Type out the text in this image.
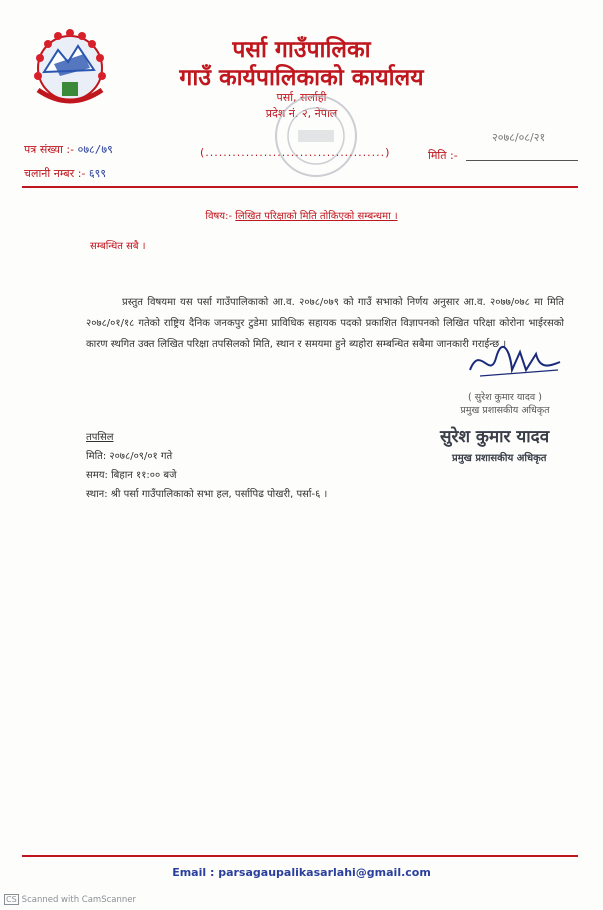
पर्सा गाउँपालिका
गाउँ कार्यपालिकाको कार्यालय
पर्सा, सर्लाही
प्रदेश नं. २, नेपाल
पत्र संख्या :- ०७८/७९
चलानी नम्बर :- ६९९
(........................................)
२०७८/०८/२१
मिति :-
विषय:- लिखित परिक्षाको मिति तोकिएको सम्बन्धमा ।
सम्बन्धित सबै ।
प्रस्तुत विषयमा यस पर्सा गाउँपालिकाको आ.व. २०७८/०७९ को गाउँ सभाको निर्णय अनुसार आ.व. २०७७/०७८ मा मिति २०७८/०१/१८ गतेको राष्ट्रिय दैनिक जनकपुर टुडेमा प्राविधिक सहायक पदको प्रकाशित विज्ञापनको लिखित परिक्षा कोरोना भाईरसको कारण स्थगित उक्त लिखित परिक्षा तपसिलको मिति, स्थान र समयमा हुने ब्यहोरा सम्बन्धित सबैमा जानकारी गराईन्छ ।
( सुरेश कुमार यादव )
प्रमुख प्रशासकीय अधिकृत
सुरेश कुमार यादव
प्रमुख प्रशासकीय अधिकृत
तपसिल
मिति: २०७८/०९/०१ गते
समय: बिहान ११:०० बजे
स्थान: श्री पर्सा गाउँपालिकाको सभा हल, पर्सापिढ पोखरी, पर्सा-६ ।
Email : parsagaupalikasarlahi@gmail.com
CS Scanned with CamScanner
